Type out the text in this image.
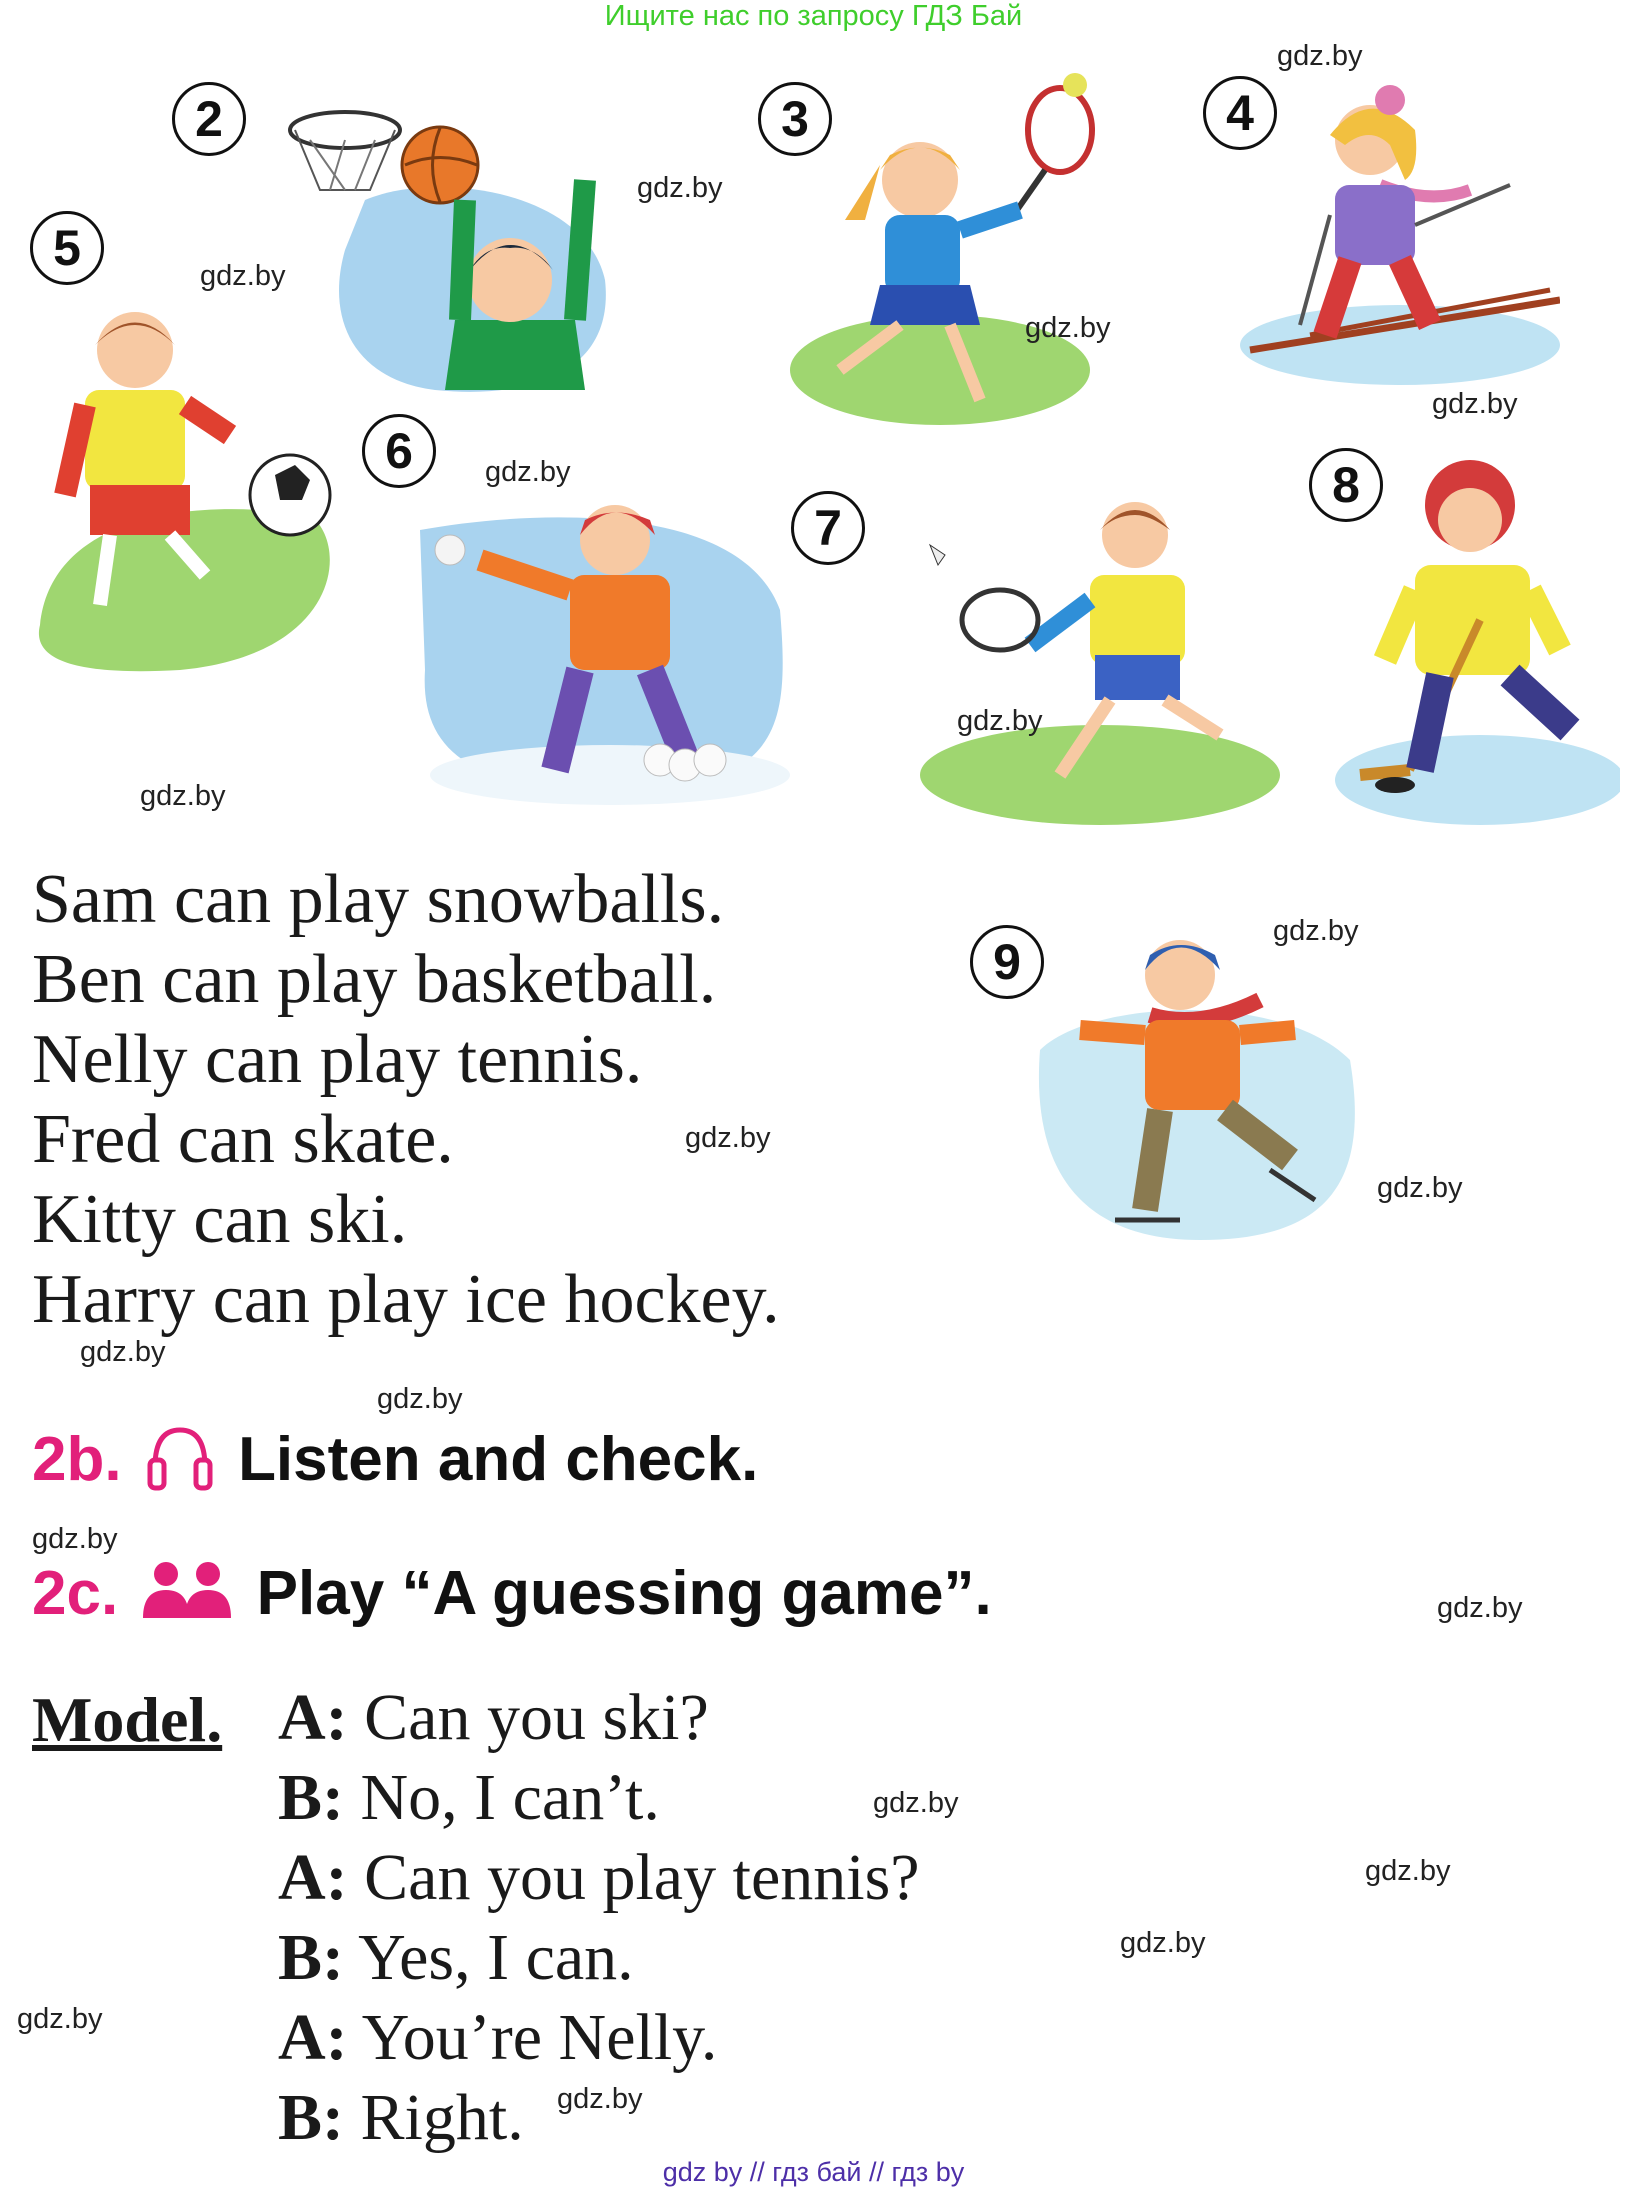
Ищите нас по запросу ГДЗ Бай
gdz by // гдз бай // гдз by
2	3	4
5
6
7
8
9
Sam can play snowballs.
Ben can play basketball.
Nelly can play tennis.
Fred can skate.
Kitty can ski.
Harry can play ice hockey.
2b. Listen and check.
2c. Play “A guessing game”.
Model. A: Can you ski?
B: No, I can’t.
A: Can you play tennis?
B: Yes, I can.
A: You’re Nelly.
B: Right.
gdz.by
gdz.by
gdz.by
gdz.by
gdz.by
gdz.by
gdz.by
gdz.by
gdz.by
gdz.by
gdz.by
gdz.by
gdz.by
gdz.by
gdz.by
gdz.by
gdz.by
gdz.by
gdz.by
gdz.by
